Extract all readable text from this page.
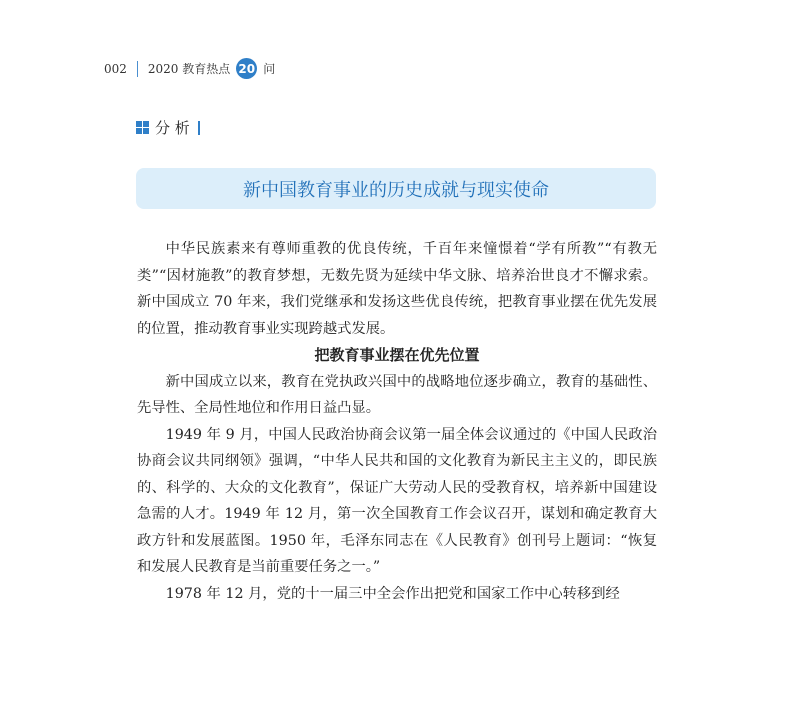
002 2020 教育热点 20 问
分 析
新中国教育事业的历史成就与现实使命

中华民族素来有尊师重教的优良传统，千百年来憧憬着“学有所教”“有教无类”“因材施教”的教育梦想，无数先贤为延续中华文脉、培养治世良才不懈求索。新中国成立 70 年来，我们党继承和发扬这些优良传统，把教育事业摆在优先发展的位置，推动教育事业实现跨越式发展。

把教育事业摆在优先位置

新中国成立以来，教育在党执政兴国中的战略地位逐步确立，教育的基础性、先导性、全局性地位和作用日益凸显。

1949 年 9 月，中国人民政治协商会议第一届全体会议通过的《中国人民政治协商会议共同纲领》强调，“中华人民共和国的文化教育为新民主主义的，即民族的、科学的、大众的文化教育”，保证广大劳动人民的受教育权，培养新中国建设急需的人才。1949 年 12 月，第一次全国教育工作会议召开，谋划和确定教育大政方针和发展蓝图。1950 年，毛泽东同志在《人民教育》创刊号上题词：“恢复和发展人民教育是当前重要任务之一。”

1978 年 12 月，党的十一届三中全会作出把党和国家工作中心转移到经
